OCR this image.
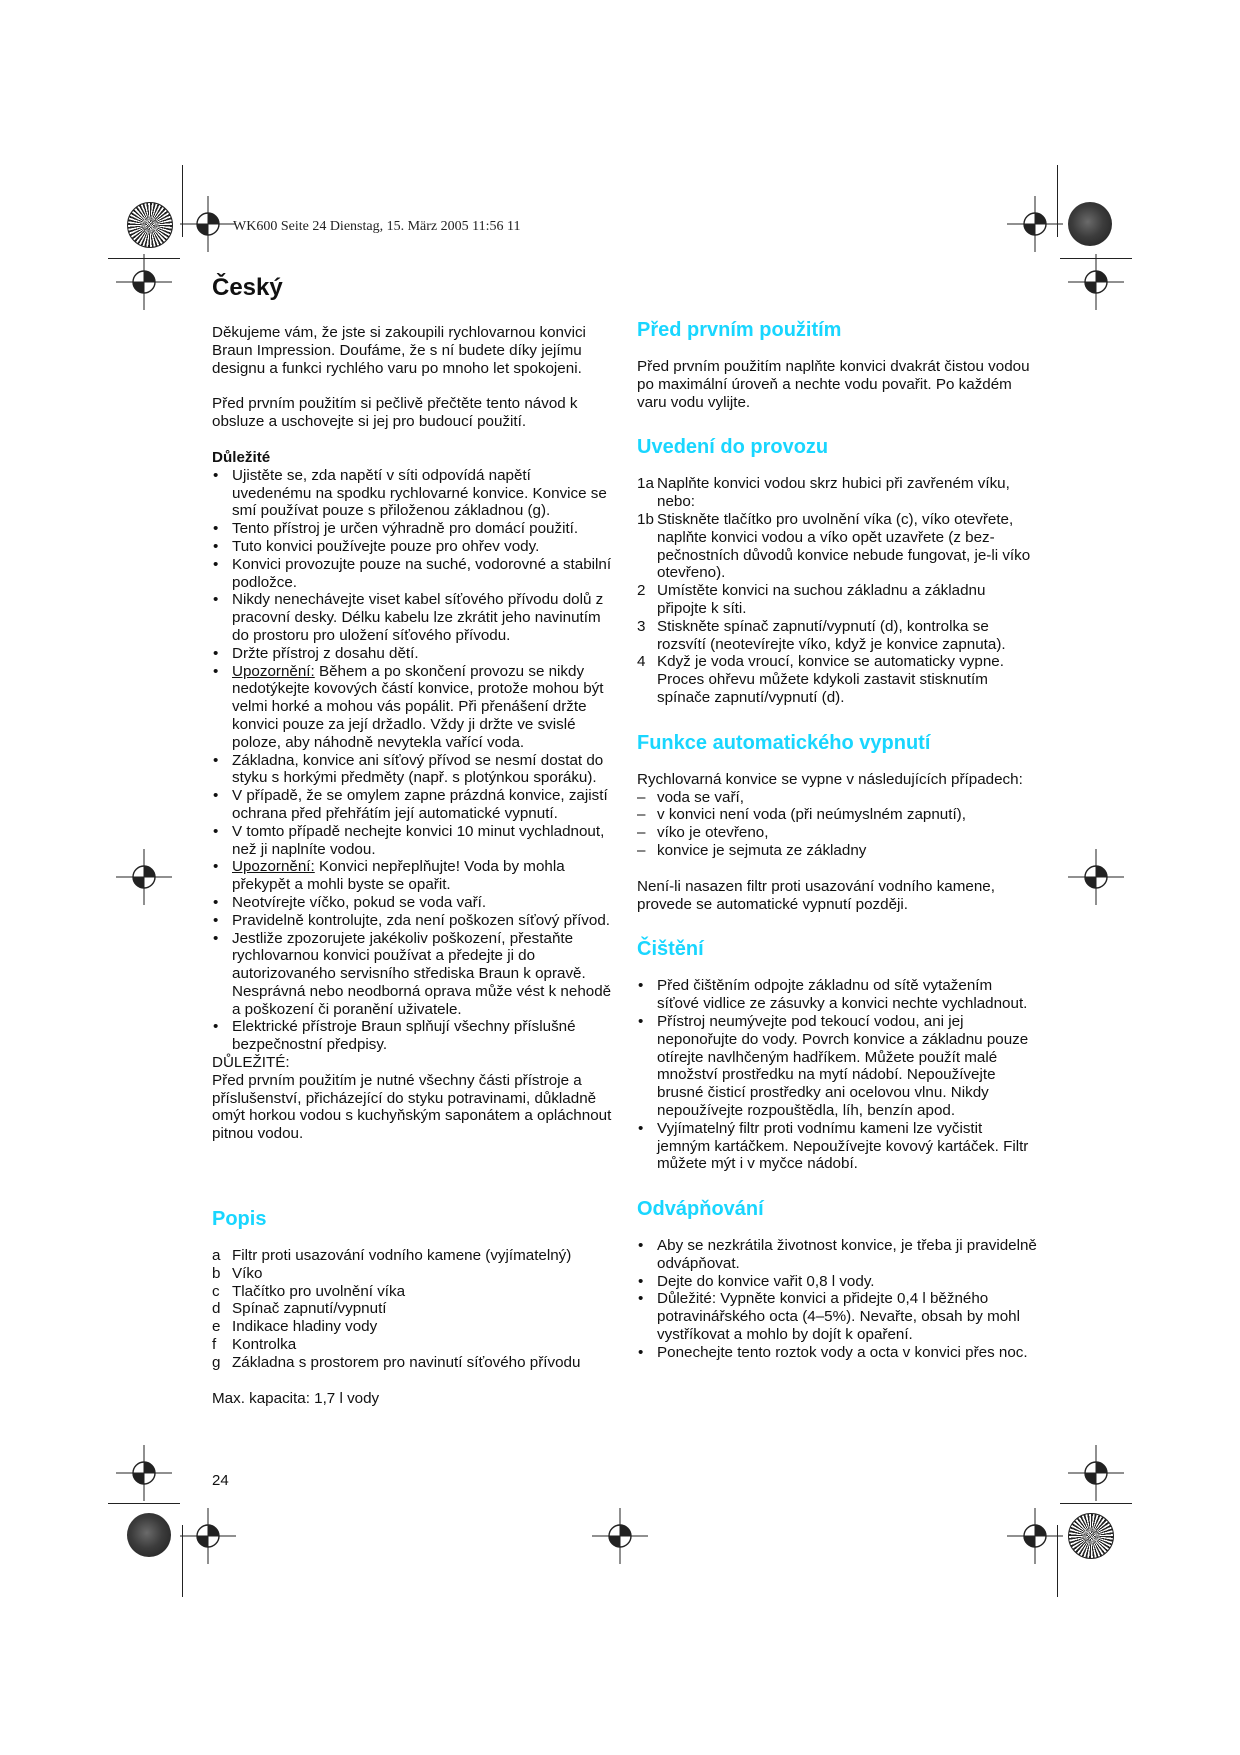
WK600 Seite 24 Dienstag, 15. März 2005 11:56 11
Český

Děkujeme vám, že jste si zakoupili rychlovarnou konvici Braun Impression. Doufáme, že s ní budete díky jejímu designu a funkci rychlého varu po mnoho let spokojeni.

Před prvním použitím si pečlivě přečtěte tento návod k obsluze a uschovejte si jej pro budoucí použití.

Důležité
• Ujistěte se, zda napětí v síti odpovídá napětí uvedenému na spodku rychlovarné konvice. Konvice se smí používat pouze s přiloženou základnou (g).
• Tento přístroj je určen výhradně pro domácí použití.
• Tuto konvici používejte pouze pro ohřev vody.
• Konvici provozujte pouze na suché, vodorovné a stabilní podložce.
• Nikdy nenechávejte viset kabel síťového přívodu dolů z pracovní desky. Délku kabelu lze zkrátit jeho navinutím do prostoru pro uložení síťového přívodu.
• Držte přístroj z dosahu dětí.
• Upozornění: Během a po skončení provozu se nikdy nedotýkejte kovových částí konvice, protože mohou být velmi horké a mohou vás popálit. Při přenášení držte konvici pouze za její držadlo. Vždy ji držte ve svislé poloze, aby náhodně nevytekla vařící voda.
• Základna, konvice ani síťový přívod se nesmí dostat do styku s horkými předměty (např. s plotýnkou sporáku).
• V případě, že se omylem zapne prázdná konvice, zajistí ochrana před přehřátím její automatické vypnutí.
• V tomto případě nechejte konvici 10 minut vychladnout, než ji naplníte vodou.
• Upozornění: Konvici nepřeplňujte! Voda by mohla překypět a mohli byste se opařit.
• Neotvírejte víčko, pokud se voda vaří.
• Pravidelně kontrolujte, zda není poškozen síťový přívod.
• Jestliže zpozorujete jakékoliv poškození, přestaňte rychlovarnou konvici používat a předejte ji do autorizovaného servisního střediska Braun k opravě. Nesprávná nebo neodborná oprava může vést k nehodě a poškození či poranění uživatele.
• Elektrické přístroje Braun splňují všechny příslušné bezpečnostní předpisy.
DŮLEŽITÉ:

Před prvním použitím je nutné všechny části přístroje a příslušenství, přicházející do styku potravinami, důkladně omýt horkou vodou s kuchyňským saponátem a opláchnout pitnou vodou.

Popis
a Filtr proti usazování vodního kamene (vyjímatelný)
b Víko
c Tlačítko pro uvolnění víka
d Spínač zapnutí/vypnutí
e Indikace hladiny vody
f Kontrolka
g Základna s prostorem pro navinutí síťového přívodu

Max. kapacita: 1,7 l vody

Před prvním použitím

Před prvním použitím naplňte konvici dvakrát čistou vodou po maximální úroveň a nechte vodu povařit. Po každém varu vodu vylijte.

Uvedení do provozu
1a Naplňte konvici vodou skrz hubici při zavřeném víku, nebo:
1b Stiskněte tlačítko pro uvolnění víka (c), víko otevřete, naplňte konvici vodou a víko opět uzavřete (z bez-pečnostních důvodů konvice nebude fungovat, je-li víko otevřeno).
2 Umístěte konvici na suchou základnu a základnu připojte k síti.
3 Stiskněte spínač zapnutí/vypnutí (d), kontrolka se rozsvítí (neotevírejte víko, když je konvice zapnuta).
4 Když je voda vroucí, konvice se automaticky vypne. Proces ohřevu můžete kdykoli zastavit stisknutím spínače zapnutí/vypnutí (d).
Funkce automatického vypnutí

Rychlovarná konvice se vypne v následujících případech:

– voda se vaří,
– v konvici není voda (při neúmyslném zapnutí),
– víko je otevřeno,
– konvice je sejmuta ze základny

Není-li nasazen filtr proti usazování vodního kamene, provede se automatické vypnutí později.

Čištění
• Před čištěním odpojte základnu od sítě vytažením síťové vidlice ze zásuvky a konvici nechte vychladnout.
• Přístroj neumývejte pod tekoucí vodou, ani jej neponořujte do vody. Povrch konvice a základnu pouze otírejte navlhčeným hadříkem. Můžete použít malé množství prostředku na mytí nádobí. Nepoužívejte brusné čisticí prostředky ani ocelovou vlnu. Nikdy nepoužívejte rozpouštědla, líh, benzín apod.
• Vyjímatelný filtr proti vodnímu kameni lze vyčistit jemným kartáčkem. Nepoužívejte kovový kartáček. Filtr můžete mýt i v myčce nádobí.
Odvápňování
• Aby se nezkrátila životnost konvice, je třeba ji pravidelně odvápňovat.
• Dejte do konvice vařit 0,8 l vody.
• Důležité: Vypněte konvici a přidejte 0,4 l běžného potravinářského octa (4–5%). Nevařte, obsah by mohl vystříkovat a mohlo by dojít k opaření.
• Ponechejte tento roztok vody a octa v konvici přes noc.
24
